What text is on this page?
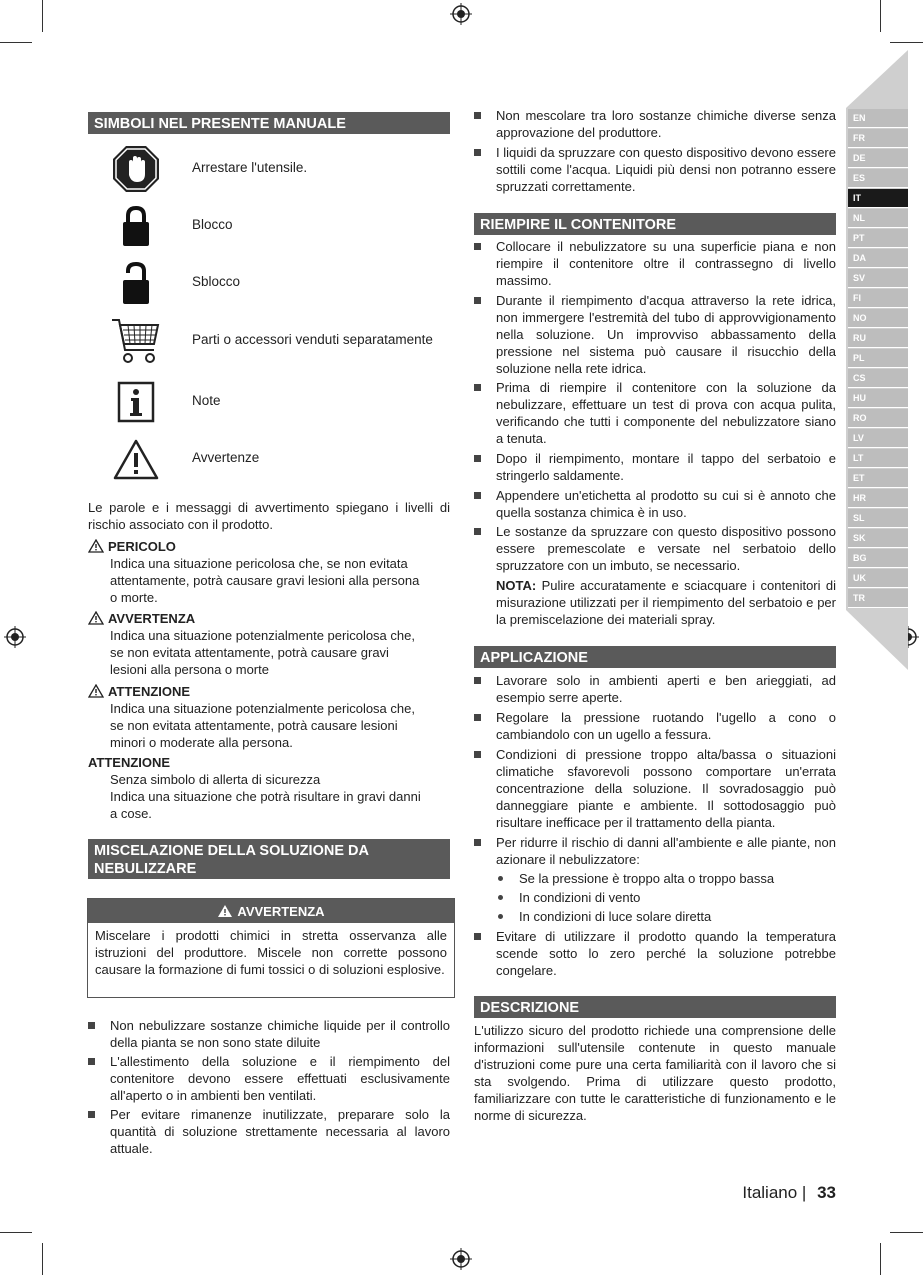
EN
FR
DE
ES
IT
NL
PT
DA
SV
FI
NO
RU
PL
CS
HU
RO
LV
LT
ET
HR
SL
SK
BG
UK
TR
SIMBOLI NEL PRESENTE MANUALE
Arrestare l'utensile.
Blocco
Sblocco
Parti o accessori venduti separatamente
Note
Avvertenze
Le parole e i messaggi di avvertimento spiegano i livelli di rischio associato con il prodotto.
PERICOLO
Indica una situazione pericolosa che, se non evitata
attentamente, potrà causare gravi lesioni alla persona
o morte.
AVVERTENZA
Indica una situazione potenzialmente pericolosa che,
se non evitata attentamente, potrà causare gravi
lesioni alla persona o morte
ATTENZIONE
Indica una situazione potenzialmente pericolosa che,
se non evitata attentamente, potrà causare lesioni
minori o moderate alla persona.
ATTENZIONE
Senza simbolo di allerta di sicurezza
Indica una situazione che potrà risultare in gravi danni
a cose.
MISCELAZIONE DELLA SOLUZIONE DA
NEBULIZZARE
AVVERTENZA
Miscelare i prodotti chimici in stretta osservanza alle istruzioni del produttore. Miscele non corrette possono causare la formazione di fumi tossici o di soluzioni esplosive.
Non nebulizzare sostanze chimiche liquide per il controllo della pianta se non sono state diluite
L'allestimento della soluzione e il riempimento del contenitore devono essere effettuati esclusivamente all'aperto o in ambienti ben ventilati.
Per evitare rimanenze inutilizzate, preparare solo la quantità di soluzione strettamente necessaria al lavoro attuale.
Non mescolare tra loro sostanze chimiche diverse senza approvazione del produttore.
I liquidi da spruzzare con questo dispositivo devono essere sottili come l'acqua. Liquidi più densi non potranno essere spruzzati correttamente.
RIEMPIRE IL CONTENITORE
Collocare il nebulizzatore su una superficie piana e non riempire il contenitore oltre il contrassegno di livello massimo.
Durante il riempimento d'acqua attraverso la rete idrica, non immergere l'estremità del tubo di approvvigionamento nella soluzione. Un improvviso abbassamento della pressione nel sistema può causare il risucchio della soluzione nella rete idrica.
Prima di riempire il contenitore con la soluzione da nebulizzare, effettuare un test di prova con acqua pulita, verificando che tutti i componente del nebulizzatore siano a tenuta.
Dopo il riempimento, montare il tappo del serbatoio e stringerlo saldamente.
Appendere un'etichetta al prodotto su cui si è annoto che quella sostanza chimica è in uso.
Le sostanze da spruzzare con questo dispositivo possono essere premescolate e versate nel serbatoio dello spruzzatore con un imbuto, se necessario.
NOTA: Pulire accuratamente e sciacquare i contenitori di misurazione utilizzati per il riempimento del serbatoio e per la premiscelazione dei materiali spray.
APPLICAZIONE
Lavorare solo in ambienti aperti e ben arieggiati, ad esempio serre aperte.
Regolare la pressione ruotando l'ugello a cono o cambiandolo con un ugello a fessura.
Condizioni di pressione troppo alta/bassa o situazioni climatiche sfavorevoli possono comportare un'errata concentrazione della soluzione. Il sovradosaggio può danneggiare piante e ambiente. Il sottodosaggio può risultare inefficace per il trattamento della pianta.
Per ridurre il rischio di danni all'ambiente e alle piante, non azionare il nebulizzatore:
Se la pressione è troppo alta o troppo bassa
In condizioni di vento
In condizioni di luce solare diretta
Evitare di utilizzare il prodotto quando la temperatura scende sotto lo zero perché la soluzione potrebbe congelare.
DESCRIZIONE
L'utilizzo sicuro del prodotto richiede una comprensione delle informazioni sull'utensile contenute in questo manuale d'istruzioni come pure una certa familiarità con il lavoro che si sta svolgendo. Prima di utilizzare questo prodotto, familiarizzare con tutte le caratteristiche di funzionamento e le norme di sicurezza.
Italiano | 33
